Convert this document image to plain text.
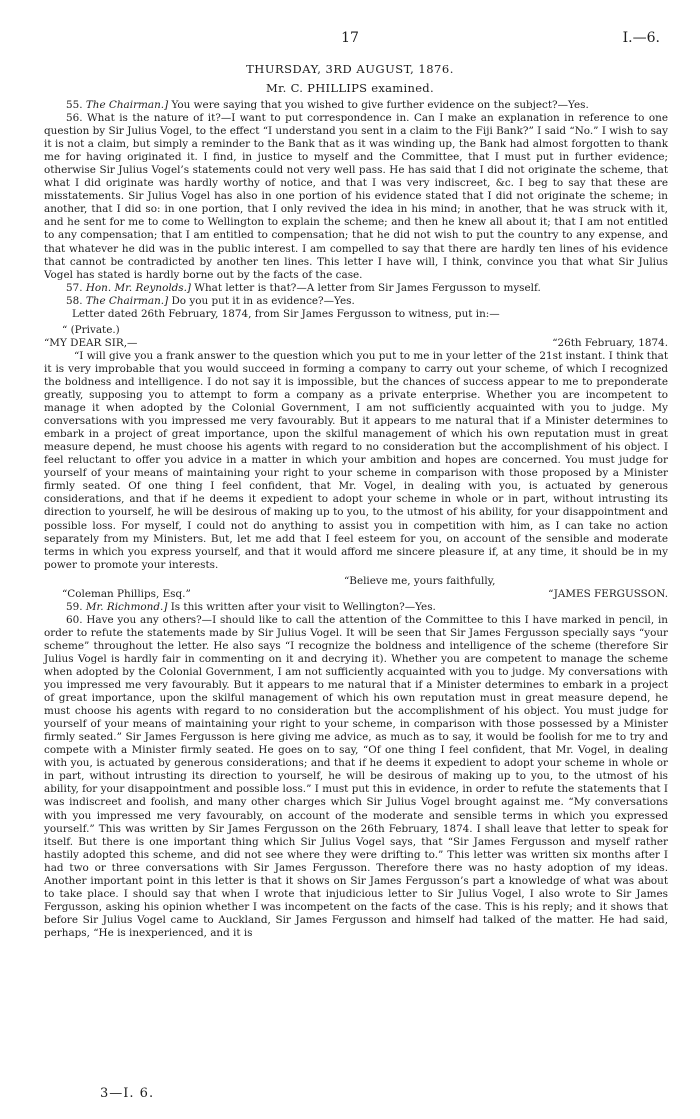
17	I.—6.
THURSDAY, 3RD AUGUST, 1876.
Mr. C. PHILLIPS examined.

55. The Chairman.] You were saying that you wished to give further evidence on the subject?—Yes.

56. What is the nature of it?—I want to put correspondence in. Can I make an explanation in reference to one question by Sir Julius Vogel, to the effect “I understand you sent in a claim to the Fiji Bank?” I said “No.” I wish to say it is not a claim, but simply a reminder to the Bank that as it was winding up, the Bank had almost forgotten to thank me for having originated it. I find, in justice to myself and the Committee, that I must put in further evidence; otherwise Sir Julius Vogel’s statements could not very well pass. He has said that I did not originate the scheme, that what I did originate was hardly worthy of notice, and that I was very indiscreet, &c. I beg to say that these are misstatements. Sir Julius Vogel has also in one portion of his evidence stated that I did not originate the scheme; in another, that I did so: in one portion, that I only revived the idea in his mind; in another, that he was struck with it, and he sent for me to come to Wellington to explain the scheme; and then he knew all about it; that I am not entitled to any compensation; that I am entitled to compensation; that he did not wish to put the country to any expense, and that whatever he did was in the public interest. I am compelled to say that there are hardly ten lines of his evidence that cannot be contradicted by another ten lines. This letter I have will, I think, convince you that what Sir Julius Vogel has stated is hardly borne out by the facts of the case.

57. Hon. Mr. Reynolds.] What letter is that?—A letter from Sir James Fergusson to myself.

58. The Chairman.] Do you put it in as evidence?—Yes.

Letter dated 26th February, 1874, from Sir James Fergusson to witness, put in:—

“ (Private.)

“MY DEAR SIR,—	“26th February, 1874.

“I will give you a frank answer to the question which you put to me in your letter of the 21st instant. I think that it is very improbable that you would succeed in forming a company to carry out your scheme, of which I recognized the boldness and intelligence. I do not say it is impossible, but the chances of success appear to me to preponderate greatly, supposing you to attempt to form a company as a private enterprise. Whether you are incompetent to manage it when adopted by the Colonial Government, I am not sufficiently acquainted with you to judge. My conversations with you impressed me very favourably. But it appears to me natural that if a Minister determines to embark in a project of great importance, upon the skilful management of which his own reputation must in great measure depend, he must choose his agents with regard to no consideration but the accomplishment of his object. I feel reluctant to offer you advice in a matter in which your ambition and hopes are concerned. You must judge for yourself of your means of maintaining your right to your scheme in comparison with those proposed by a Minister firmly seated. Of one thing I feel confident, that Mr. Vogel, in dealing with you, is actuated by generous considerations, and that if he deems it expedient to adopt your scheme in whole or in part, without intrusting its direction to yourself, he will be desirous of making up to you, to the utmost of his ability, for your disappointment and possible loss. For myself, I could not do anything to assist you in competition with him, as I can take no action separately from my Ministers. But, let me add that I feel esteem for you, on account of the sensible and moderate terms in which you express yourself, and that it would afford me sincere pleasure if, at any time, it should be in my power to promote your interests.

“Believe me, yours faithfully,

“Coleman Phillips, Esq.”	“JAMES FERGUSSON.

59. Mr. Richmond.] Is this written after your visit to Wellington?—Yes.

60. Have you any others?—I should like to call the attention of the Committee to this I have marked in pencil, in order to refute the statements made by Sir Julius Vogel. It will be seen that Sir James Fergusson specially says “your scheme” throughout the letter. He also says “I recognize the boldness and intelligence of the scheme (therefore Sir Julius Vogel is hardly fair in commenting on it and decrying it). Whether you are competent to manage the scheme when adopted by the Colonial Government, I am not sufficiently acquainted with you to judge. My conversations with you impressed me very favourably. But it appears to me natural that if a Minister determines to embark in a project of great importance, upon the skilful management of which his own reputation must in great measure depend, he must choose his agents with regard to no consideration but the accomplishment of his object. You must judge for yourself of your means of maintaining your right to your scheme, in comparison with those possessed by a Minister firmly seated.” Sir James Fergusson is here giving me advice, as much as to say, it would be foolish for me to try and compete with a Minister firmly seated. He goes on to say, “Of one thing I feel confident, that Mr. Vogel, in dealing with you, is actuated by generous considerations; and that if he deems it expedient to adopt your scheme in whole or in part, without intrusting its direction to yourself, he will be desirous of making up to you, to the utmost of his ability, for your disappointment and possible loss.” I must put this in evidence, in order to refute the statements that I was indiscreet and foolish, and many other charges which Sir Julius Vogel brought against me. “My conversations with you impressed me very favourably, on account of the moderate and sensible terms in which you expressed yourself.” This was written by Sir James Fergusson on the 26th February, 1874. I shall leave that letter to speak for itself. But there is one important thing which Sir Julius Vogel says, that “Sir James Fergusson and myself rather hastily adopted this scheme, and did not see where they were drifting to.” This letter was written six months after I had two or three conversations with Sir James Fergusson. Therefore there was no hasty adoption of my ideas. Another important point in this letter is that it shows on Sir James Fergusson’s part a knowledge of what was about to take place. I should say that when I wrote that injudicious letter to Sir Julius Vogel, I also wrote to Sir James Fergusson, asking his opinion whether I was incompetent on the facts of the case. This is his reply; and it shows that before Sir Julius Vogel came to Auckland, Sir James Fergusson and himself had talked of the matter. He had said, perhaps, “He is inexperienced, and it is

3—I. 6.
